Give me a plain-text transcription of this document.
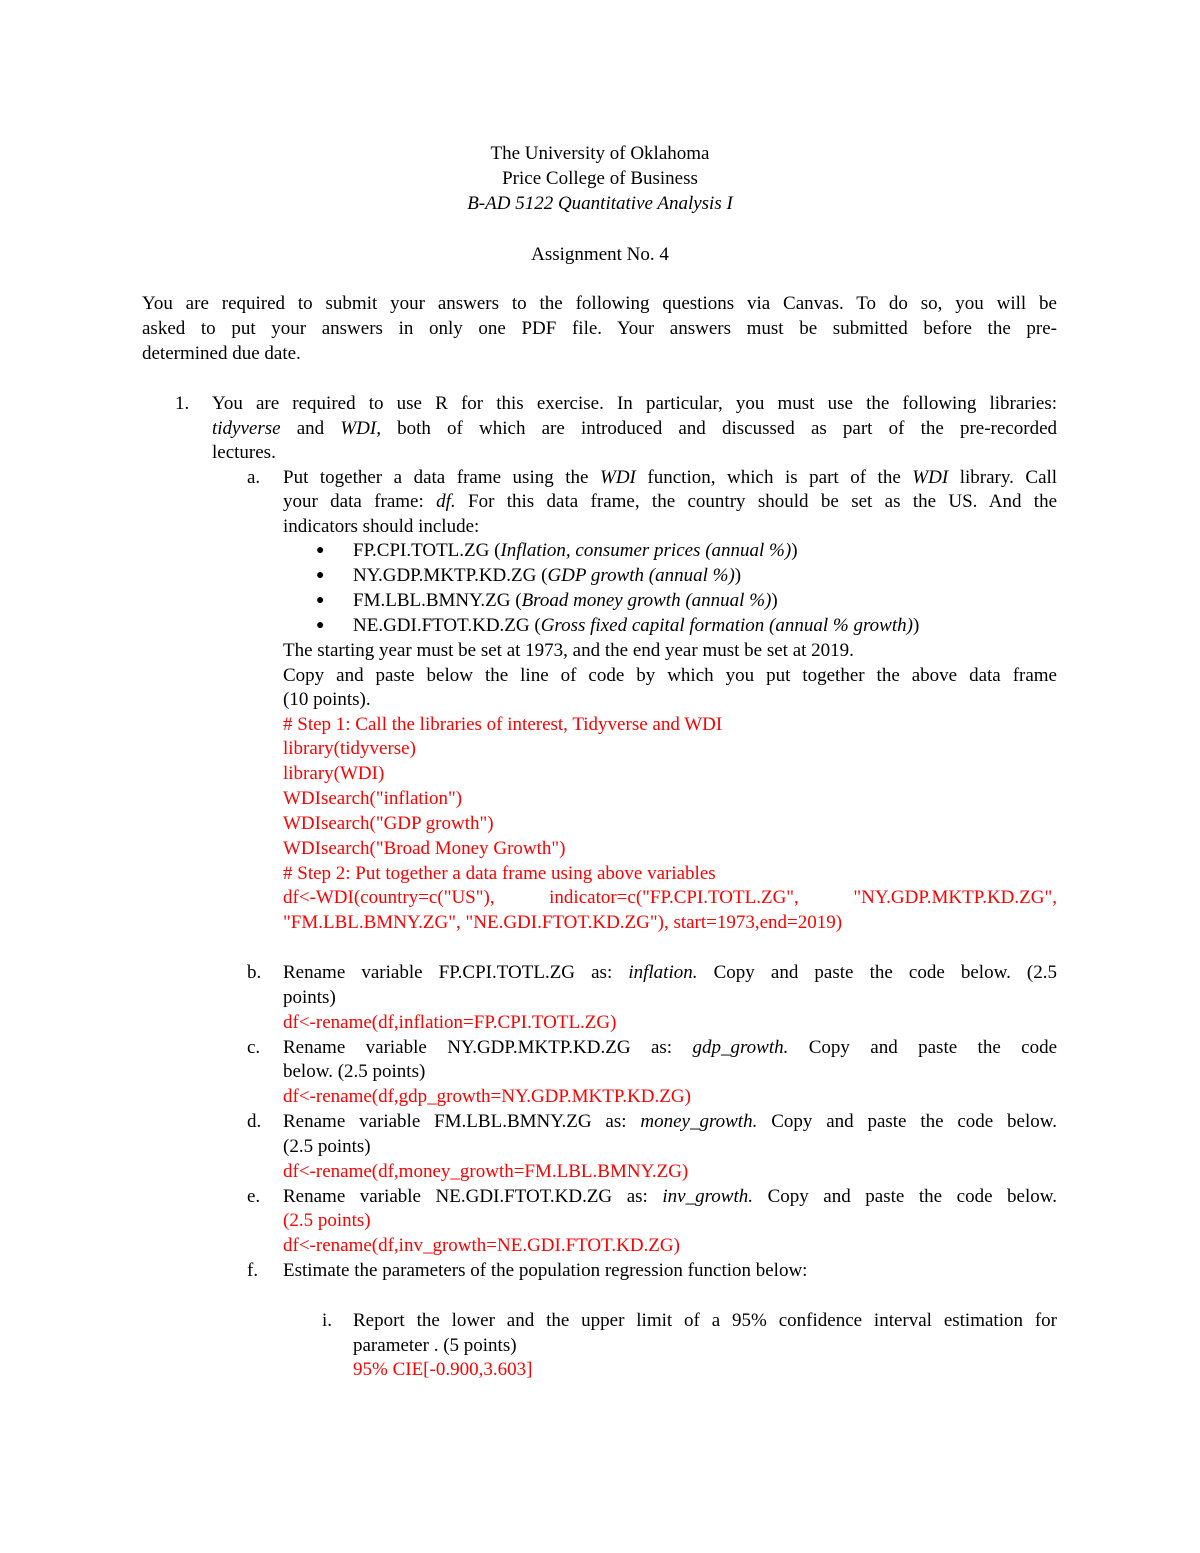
The University of Oklahoma
Price College of Business
B-AD 5122 Quantitative Analysis I
Assignment No. 4
You are required to submit your answers to the following questions via Canvas. To do so, you will be
asked to put your answers in only one PDF file. Your answers must be submitted before the pre-
determined due date.
1. You are required to use R for this exercise. In particular, you must use the following libraries:
tidyverse and WDI, both of which are introduced and discussed as part of the pre-recorded
lectures.
a. Put together a data frame using the WDI function, which is part of the WDI library. Call
your data frame: df. For this data frame, the country should be set as the US. And the
indicators should include:
● FP.CPI.TOTL.ZG (Inflation, consumer prices (annual %))
● NY.GDP.MKTP.KD.ZG (GDP growth (annual %))
● FM.LBL.BMNY.ZG (Broad money growth (annual %))
● NE.GDI.FTOT.KD.ZG (Gross fixed capital formation (annual % growth))
The starting year must be set at 1973, and the end year must be set at 2019.
Copy and paste below the line of code by which you put together the above data frame
(10 points).
# Step 1: Call the libraries of interest, Tidyverse and WDI
library(tidyverse)
library(WDI)
WDIsearch("inflation")
WDIsearch("GDP growth")
WDIsearch("Broad Money Growth")
# Step 2: Put together a data frame using above variables
df<-WDI(country=c("US"), indicator=c("FP.CPI.TOTL.ZG", "NY.GDP.MKTP.KD.ZG",
"FM.LBL.BMNY.ZG", "NE.GDI.FTOT.KD.ZG"), start=1973,end=2019)
b. Rename variable FP.CPI.TOTL.ZG as: inflation. Copy and paste the code below. (2.5
points)
df<-rename(df,inflation=FP.CPI.TOTL.ZG)
c. Rename variable NY.GDP.MKTP.KD.ZG as: gdp_growth. Copy and paste the code
below. (2.5 points)
df<-rename(df,gdp_growth=NY.GDP.MKTP.KD.ZG)
d. Rename variable FM.LBL.BMNY.ZG as: money_growth. Copy and paste the code below.
(2.5 points)
df<-rename(df,money_growth=FM.LBL.BMNY.ZG)
e. Rename variable NE.GDI.FTOT.KD.ZG as: inv_growth. Copy and paste the code below.
(2.5 points)
df<-rename(df,inv_growth=NE.GDI.FTOT.KD.ZG)
f. Estimate the parameters of the population regression function below:
i. Report the lower and the upper limit of a 95% confidence interval estimation for
parameter . (5 points)
95% CIE[-0.900,3.603]
